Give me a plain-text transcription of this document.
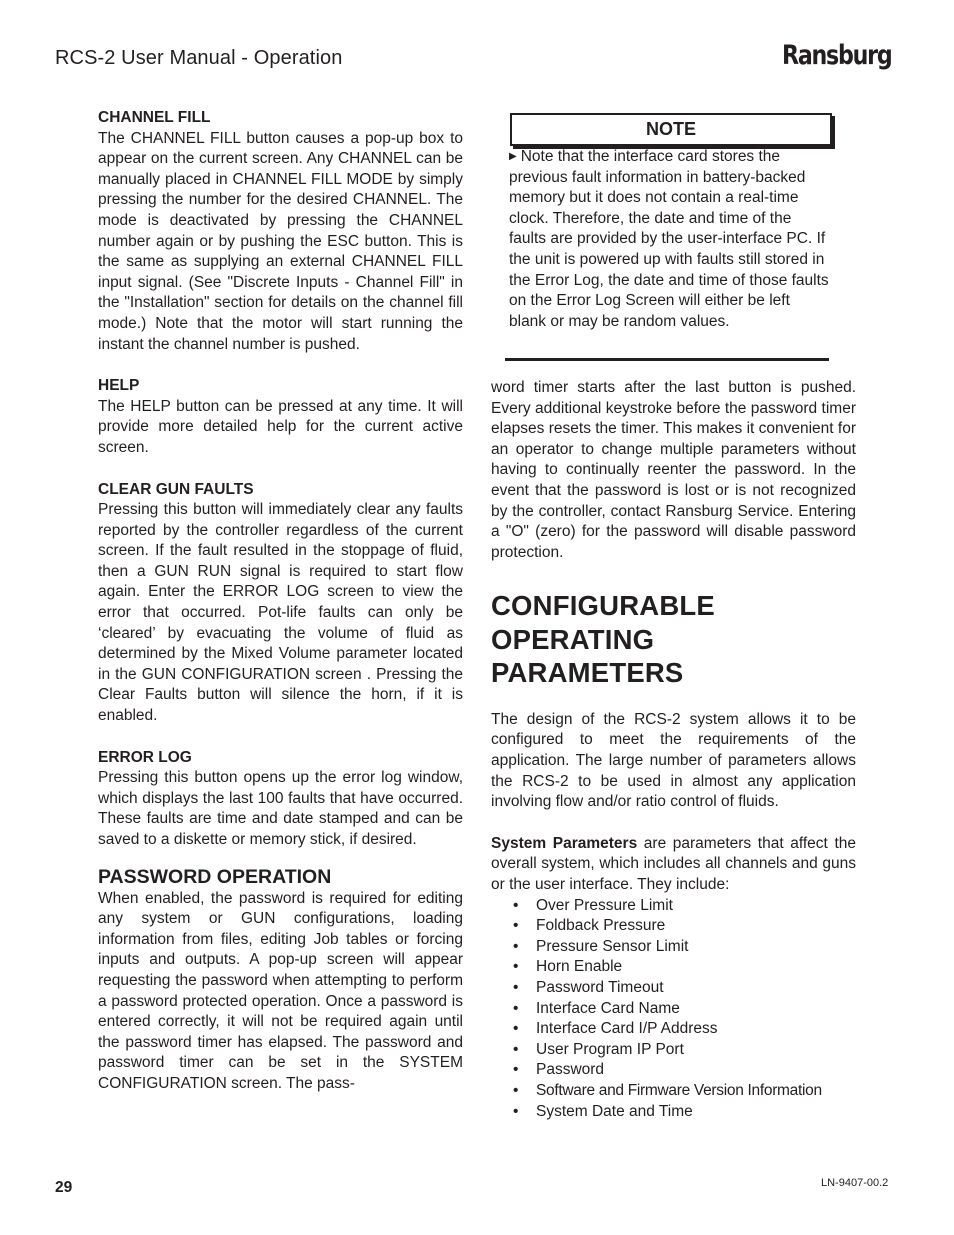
RCS-2 User Manual - Operation	Ransburg
CHANNEL FILL

The CHANNEL FILL button causes a pop-up box to appear on the current screen. Any CHANNEL can be manually placed in CHANNEL FILL MODE by simply pressing the number for the desired CHANNEL. The mode is deactivated by pressing the CHANNEL number again or by pushing the ESC button. This is the same as supplying an external CHANNEL FILL input signal. (See "Discrete Inputs - Channel Fill" in the "Installation" section for details on the channel fill mode.) Note that the motor will start running the instant the channel number is pushed.

HELP

The HELP button can be pressed at any time. It will provide more detailed help for the current active screen.

CLEAR GUN FAULTS

Pressing this button will immediately clear any faults reported by the controller regardless of the current screen. If the fault resulted in the stoppage of fluid, then a GUN RUN signal is required to start flow again. Enter the ERROR LOG screen to view the error that occurred. Pot-life faults can only be ‘cleared’ by evacuating the volume of fluid as determined by the Mixed Volume parameter located in the GUN CONFIGURATION screen . Pressing the Clear Faults button will silence the horn, if it is enabled.

ERROR LOG

Pressing this button opens up the error log window, which displays the last 100 faults that have occurred. These faults are time and date stamped and can be saved to a diskette or memory stick, if desired.

PASSWORD OPERATION

When enabled, the password is required for editing any system or GUN configurations, loading information from files, editing Job tables or forcing inputs and outputs. A pop-up screen will appear requesting the password when attempting to perform a password protected operation. Once a password is entered correctly, it will not be required again until the password timer has elapsed. The password and password timer can be set in the SYSTEM CONFIGURATION screen. The pass-

NOTE
▶ Note that the interface card stores the previous fault information in battery-backed memory but it does not contain a real-time clock. Therefore, the date and time of the faults are provided by the user-interface PC. If the unit is powered up with faults still stored in the Error Log, the date and time of those faults on the Error Log Screen will either be left blank or may be random values.

word timer starts after the last button is pushed. Every additional keystroke before the password timer elapses resets the timer. This makes it convenient for an operator to change multiple parameters without having to continually reenter the password. In the event that the password is lost or is not recognized by the controller, contact Ransburg Service. Entering a "O" (zero) for the password will disable password protection.

CONFIGURABLE
OPERATING
PARAMETERS

The design of the RCS-2 system allows it to be configured to meet the requirements of the application. The large number of parameters allows the RCS-2 to be used in almost any application involving flow and/or ratio control of fluids.

System Parameters are parameters that affect the overall system, which includes all channels and guns or the user interface. They include:

• Over Pressure Limit
• Foldback Pressure
• Pressure Sensor Limit
• Horn Enable
• Password Timeout
• Interface Card Name
• Interface Card I/P Address
• User Program IP Port
• Password
• Software and Firmware Version Information
• System Date and Time
29	LN-9407-00.2
